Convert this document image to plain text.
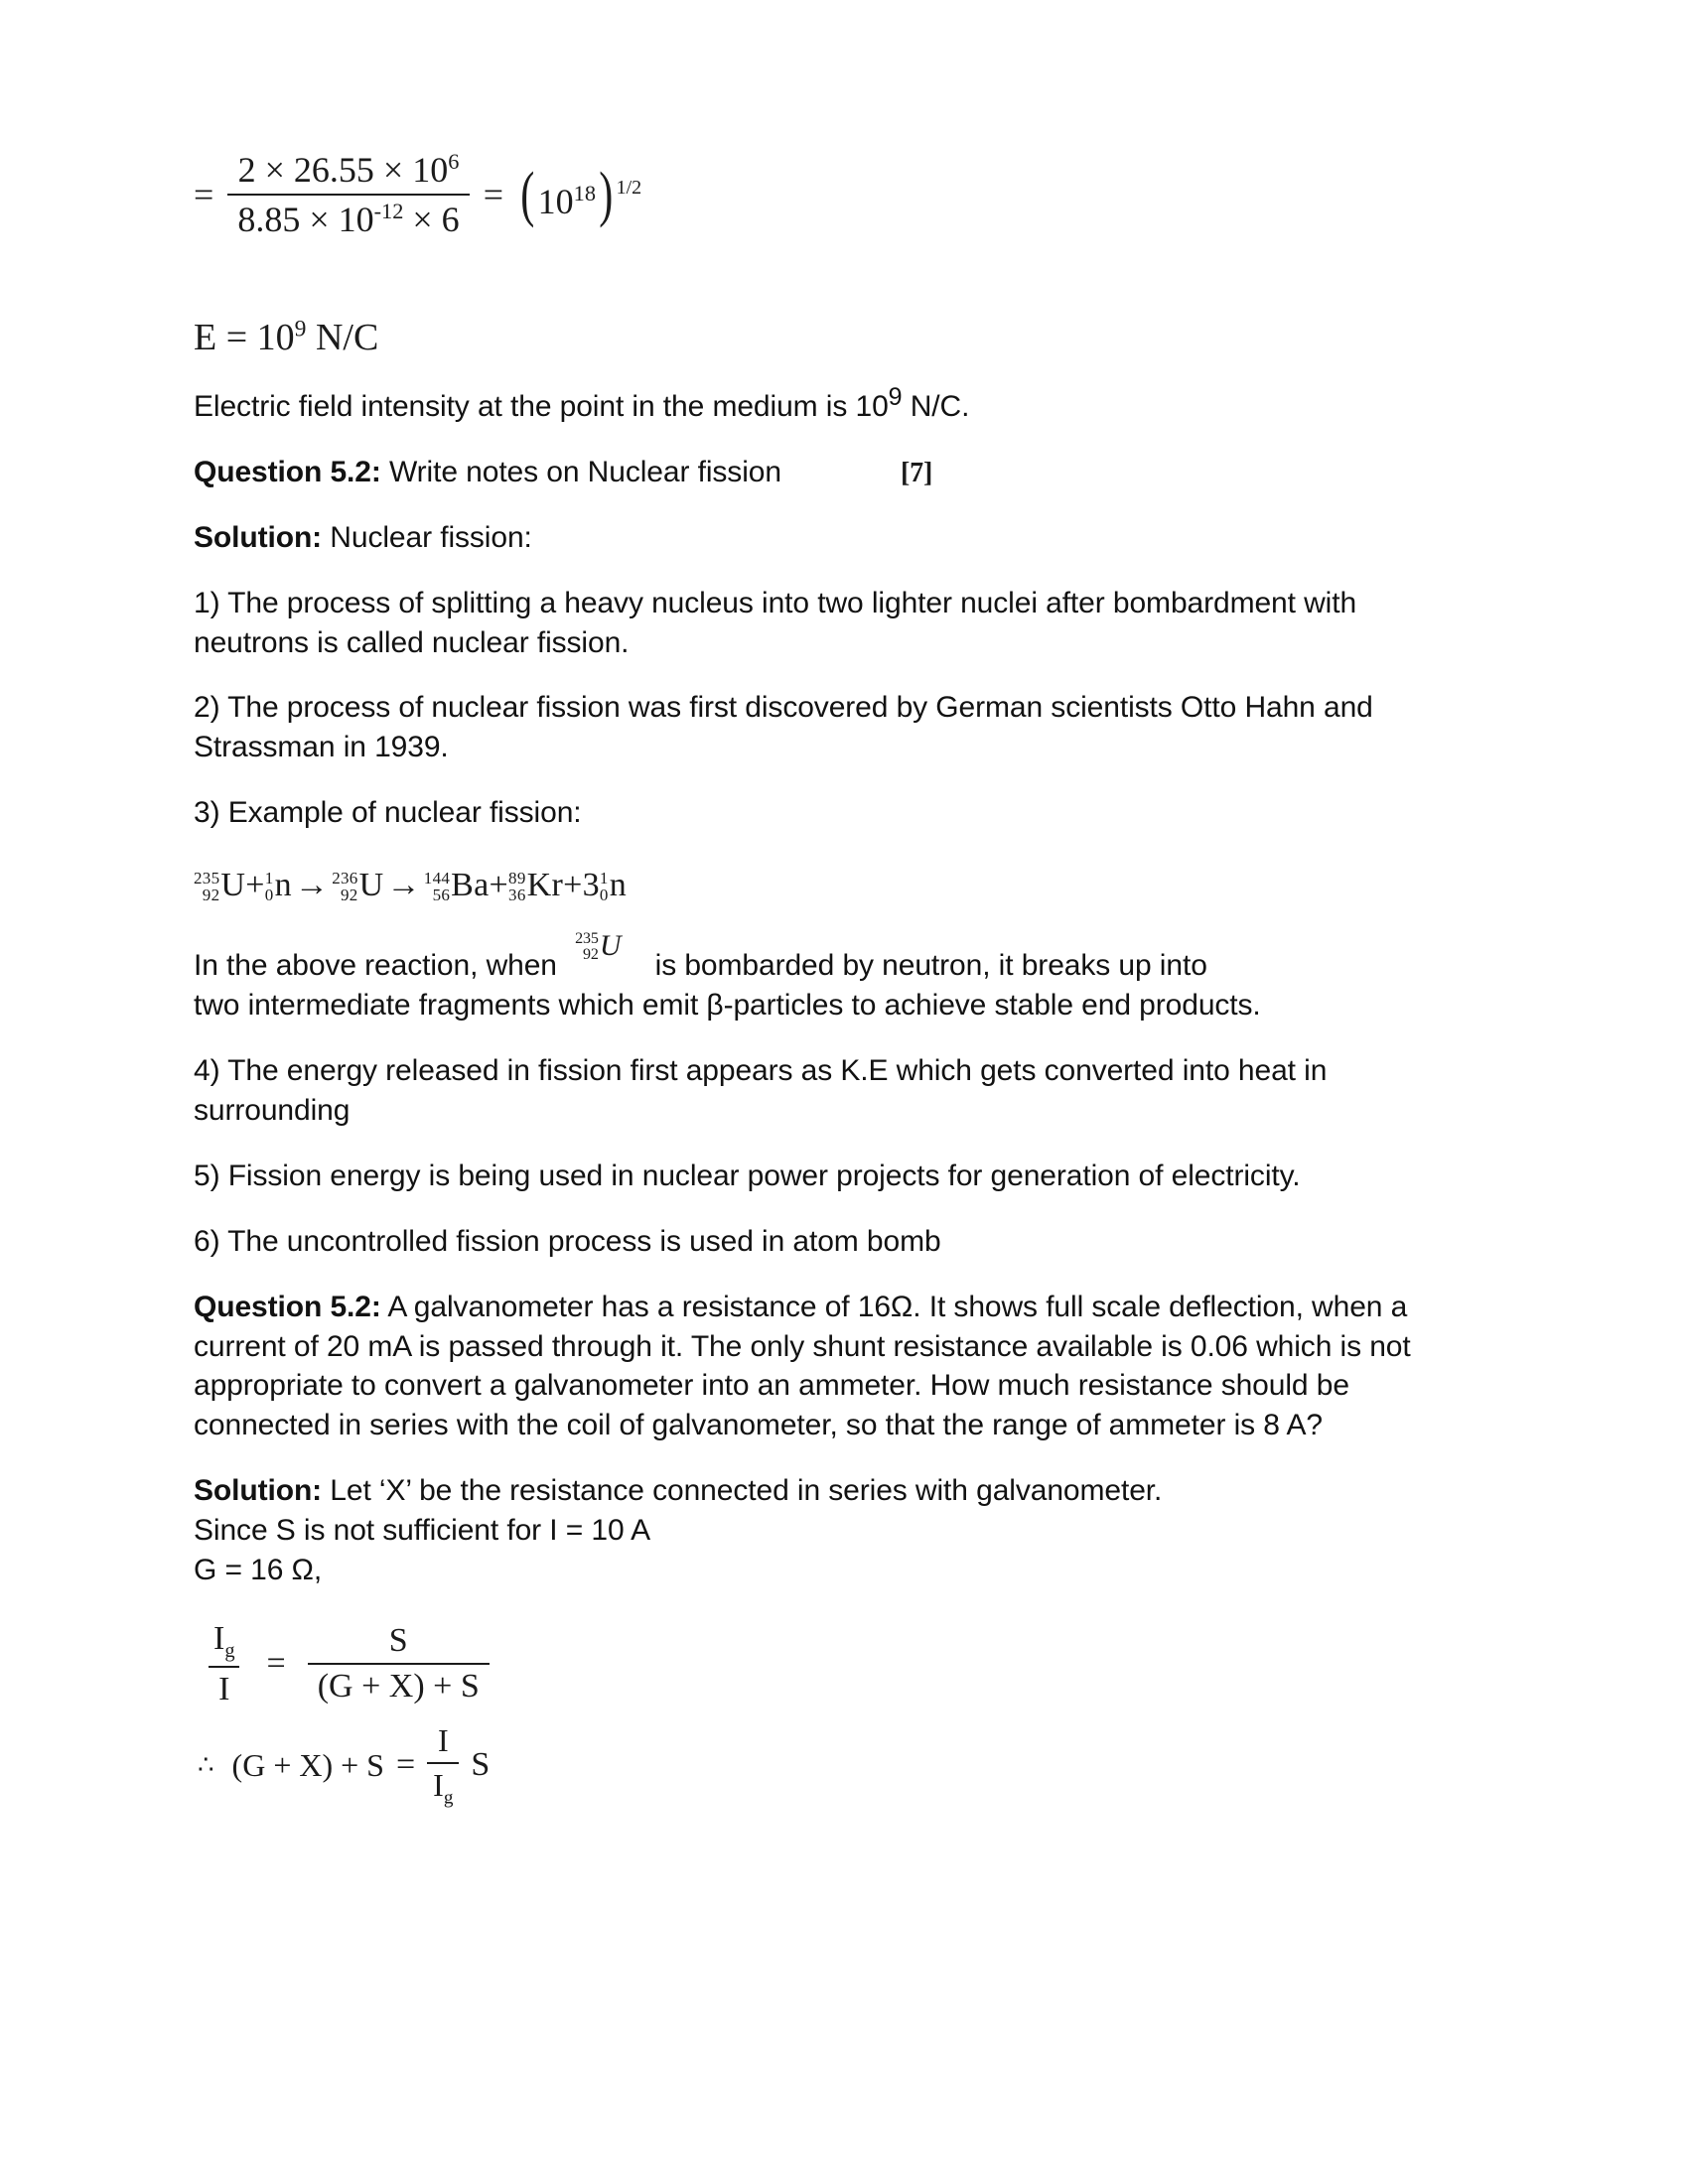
= $\frac{2 \times 26.55 \times 10^6}{8.85 \times 10^{-12} \times 6}$ = ( $10^{18}$ )$^{1/2}$
$E = 10^9$ N/C

Electric field intensity at the point in the medium is $10^9$ N/C.

Question 5.2: Write notes on Nuclear fission	[7]

Solution: Nuclear fission:

1) The process of splitting a heavy nucleus into two lighter nuclei after bombardment with neutrons is called nuclear fission.

2) The process of nuclear fission was first discovered by German scientists Otto Hahn and Strassman in 1939.

3) Example of nuclear fission:

235
92 U+ 1
0 n→ 236
92 U→ 144
56 Ba+ 89
36 Kr+3 1
0 n

In the above reaction, when
235
92 U is bombarded by neutron, it breaks up into

two intermediate fragments which emit β-particles to achieve stable end products.

4) The energy released in fission first appears as K.E which gets converted into heat in surrounding

5) Fission energy is being used in nuclear power projects for generation of electricity.

6) The uncontrolled fission process is used in atom bomb

Question 5.2: A galvanometer has a resistance of 16Ω. It shows full scale deflection, when a current of 20 mA is passed through it. The only shunt resistance available is 0.06 which is not appropriate to convert a galvanometer into an ammeter. How much resistance should be connected in series with the coil of galvanometer, so that the range of ammeter is 8 A?

Solution: Let ‘X’ be the resistance connected in series with galvanometer.

Since S is not sufficient for I = 10 A

G = 16 Ω,

$\frac{I_g}{I} = \frac{S}{(G + X) + S}$
∴ $(G + X) + S = \frac{I}{I_g}$ S
